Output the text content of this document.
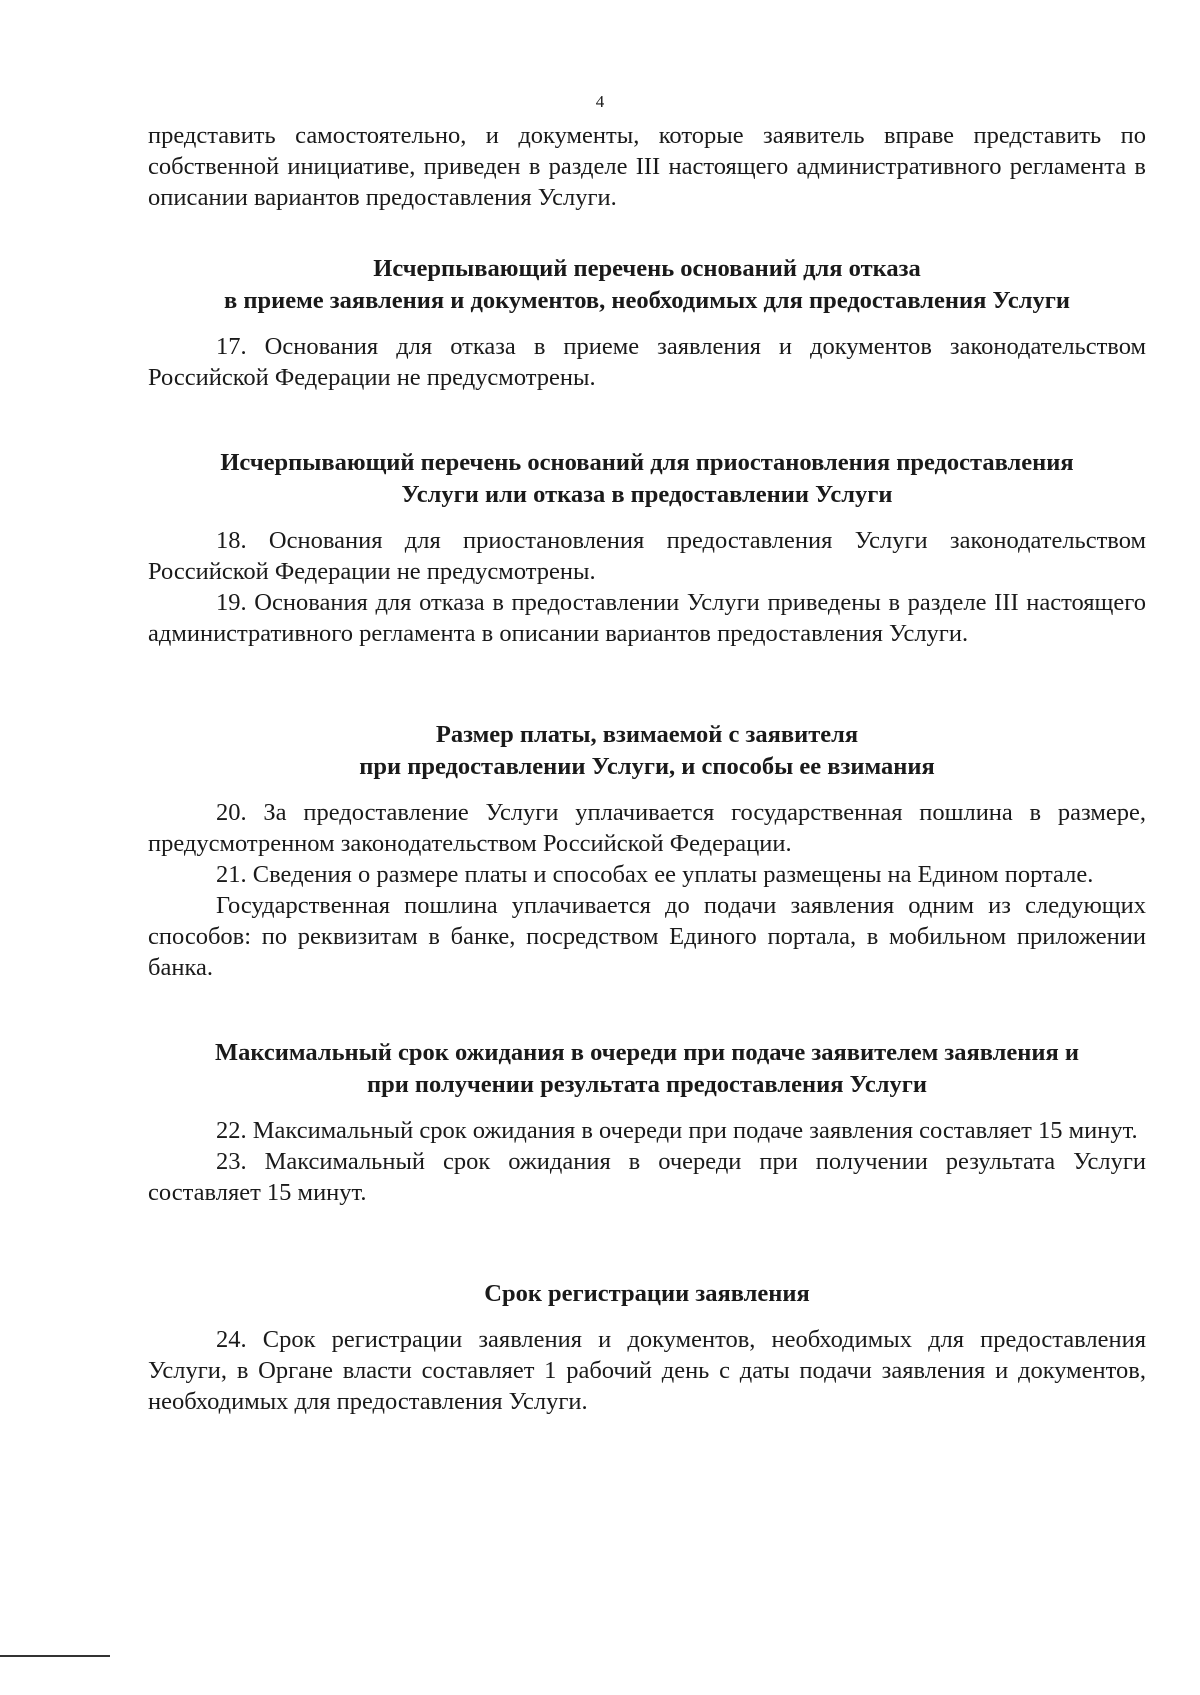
4

представить самостоятельно, и документы, которые заявитель вправе представить по собственной инициативе, приведен в разделе III настоящего административного регламента в описании вариантов предоставления Услуги.

Исчерпывающий перечень оснований для отказа
в приеме заявления и документов, необходимых для предоставления Услуги

17. Основания для отказа в приеме заявления и документов законодательством Российской Федерации не предусмотрены.

Исчерпывающий перечень оснований для приостановления предоставления
Услуги или отказа в предоставлении Услуги

18. Основания для приостановления предоставления Услуги законодательством Российской Федерации не предусмотрены.

19. Основания для отказа в предоставлении Услуги приведены в разделе III настоящего административного регламента в описании вариантов предоставления Услуги.

Размер платы, взимаемой с заявителя
при предоставлении Услуги, и способы ее взимания

20. За предоставление Услуги уплачивается государственная пошлина в размере, предусмотренном законодательством Российской Федерации.

21. Сведения о размере платы и способах ее уплаты размещены на Едином портале.

Государственная пошлина уплачивается до подачи заявления одним из следующих способов: по реквизитам в банке, посредством Единого портала, в мобильном приложении банка.

Максимальный срок ожидания в очереди при подаче заявителем заявления и
при получении результата предоставления Услуги

22. Максимальный срок ожидания в очереди при подаче заявления составляет 15 минут.

23. Максимальный срок ожидания в очереди при получении результата Услуги составляет 15 минут.

Срок регистрации заявления

24. Срок регистрации заявления и документов, необходимых для предоставления Услуги, в Органе власти составляет 1 рабочий день с даты подачи заявления и документов, необходимых для предоставления Услуги.
